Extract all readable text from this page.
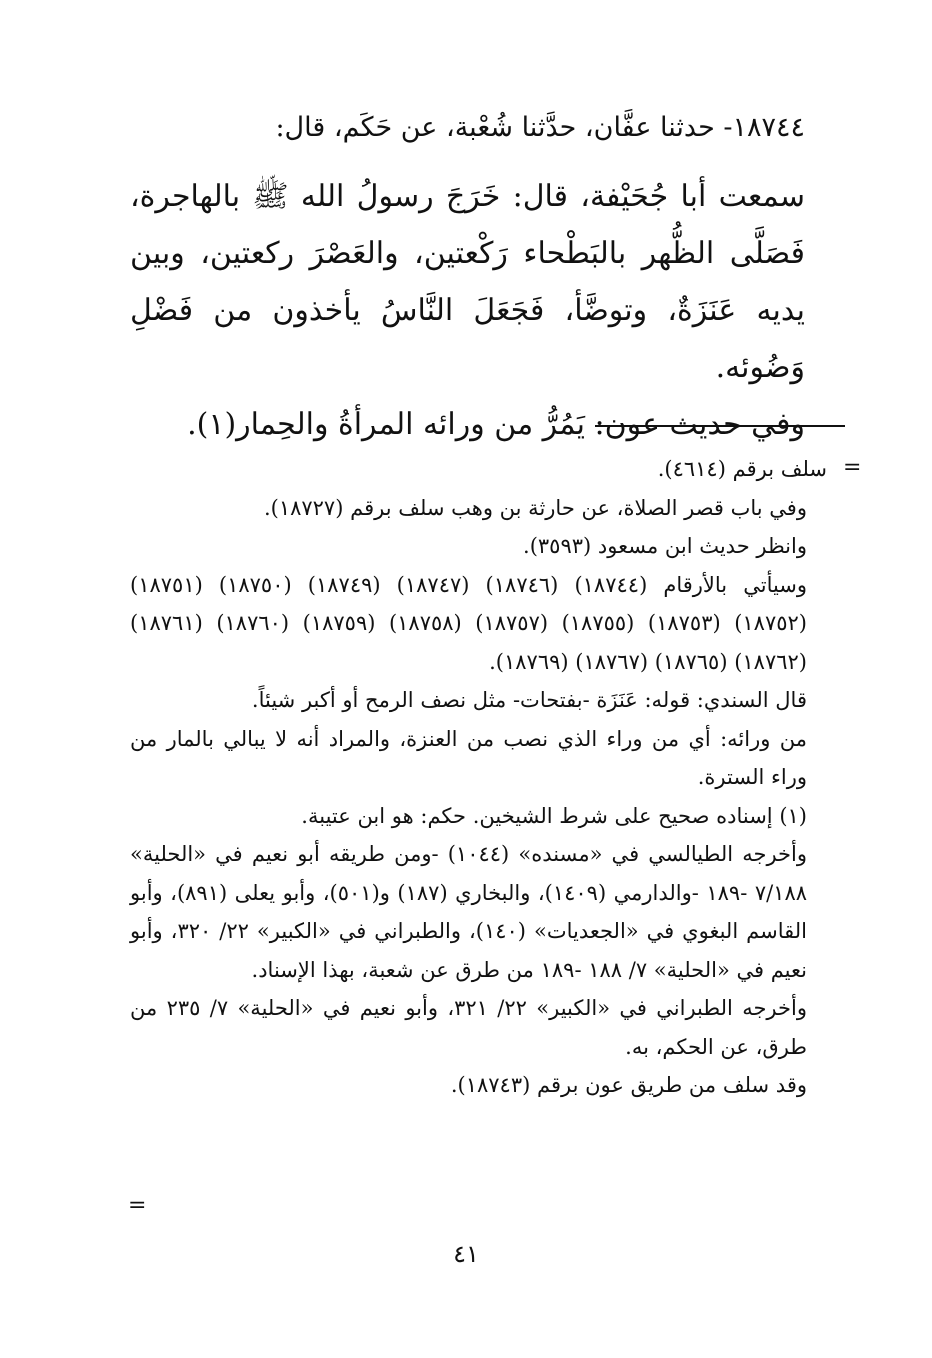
١٨٧٤٤- حدثنا عفَّان، حدَّثنا شُعْبة، عن حَكَم، قال:

سمعت أبا جُحَيْفة، قال: خَرَجَ رسولُ الله ﷺ بالهاجرة، فَصَلَّى الظُّهر بالبَطْحاء رَكْعتين، والعَصْرَ ركعتين، وبين يديه عَنَزَةٌ، وتوضَّأ، فَجَعَلَ النَّاسُ يأخذون من فَضْلِ وَضُوئه.

وفي حديث عون: يَمُرُّ من ورائه المرأةُ والحِمار(١).

=

سلف برقم (٤٦١٤).

وفي باب قصر الصلاة، عن حارثة بن وهب سلف برقم (١٨٧٢٧).

وانظر حديث ابن مسعود (٣٥٩٣).

وسيأتي بالأرقام (١٨٧٤٤) (١٨٧٤٦) (١٨٧٤٧) (١٨٧٤٩) (١٨٧٥٠) (١٨٧٥١) (١٨٧٥٢) (١٨٧٥٣) (١٨٧٥٥) (١٨٧٥٧) (١٨٧٥٨) (١٨٧٥٩) (١٨٧٦٠) (١٨٧٦١) (١٨٧٦٢) (١٨٧٦٥) (١٨٧٦٧) (١٨٧٦٩).

قال السندي: قوله: عَنَزَة -بفتحات- مثل نصف الرمح أو أكبر شيئاً.

من ورائه: أي من وراء الذي نصب من العنزة، والمراد أنه لا يبالي بالمار من وراء السترة.

(١) إسناده صحيح على شرط الشيخين. حكم: هو ابن عتيبة.

وأخرجه الطيالسي في «مسنده» (١٠٤٤) -ومن طريقه أبو نعيم في «الحلية» ٧/١٨٨ -١٨٩ -والدارمي (١٤٠٩)، والبخاري (١٨٧) و(٥٠١)، وأبو يعلى (٨٩١)، وأبو القاسم البغوي في «الجعديات» (١٤٠)، والطبراني في «الكبير» ٢٢/ ٣٢٠، وأبو نعيم في «الحلية» ٧/ ١٨٨ -١٨٩ من طرق عن شعبة، بهذا الإسناد.

وأخرجه الطبراني في «الكبير» ٢٢/ ٣٢١، وأبو نعيم في «الحلية» ٧/ ٢٣٥ من طرق، عن الحكم، به.

وقد سلف من طريق عون برقم (١٨٧٤٣).

=
٤١
